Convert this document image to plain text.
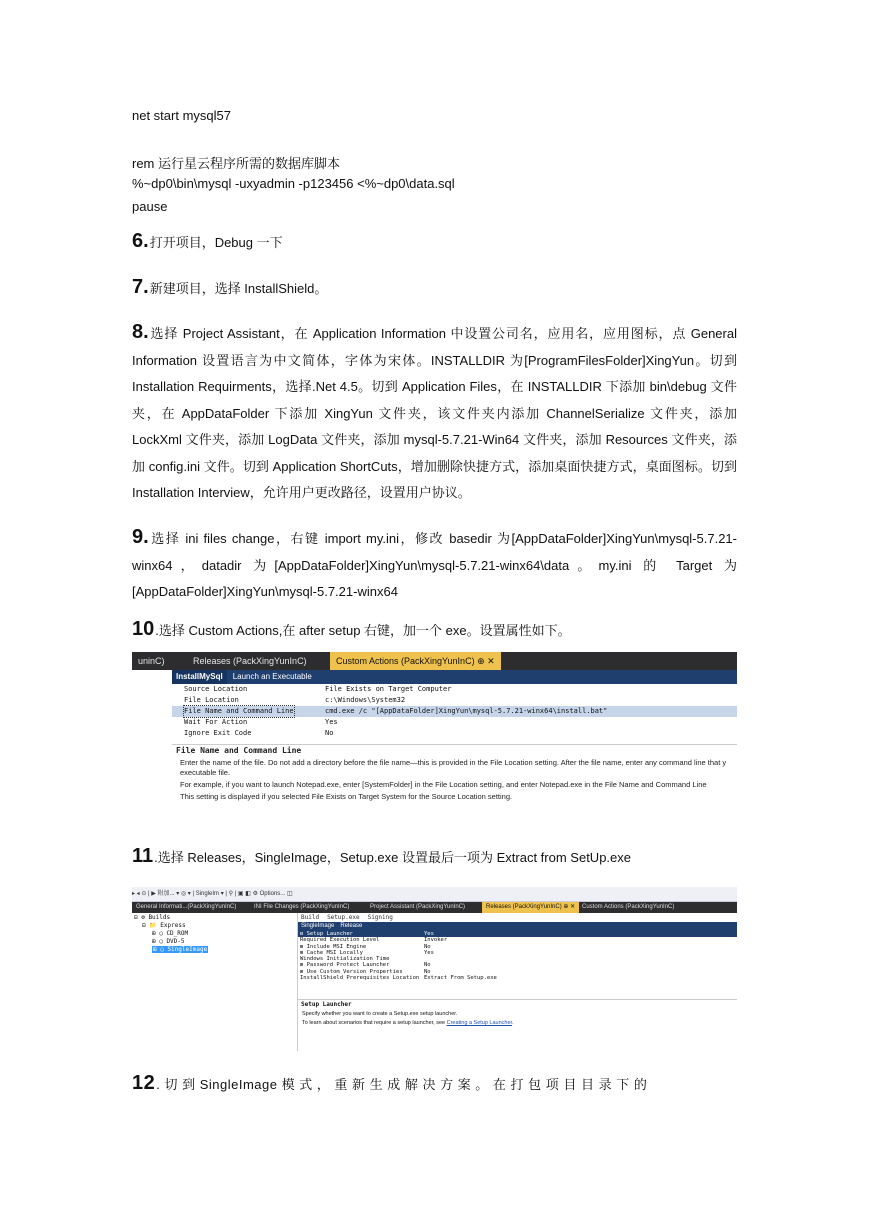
net start mysql57
rem 运行星云程序所需的数据库脚本
%~dp0\bin\mysql -uxyadmin -p123456 <%~dp0\data.sql
pause
6.打开项目，Debug 一下
7.新建项目，选择 InstallShield。
8.选择 Project Assistant，在 Application Information 中设置公司名，应用名，应用图标，点 General Information 设置语言为中文简体，字体为宋体。INSTALLDIR 为[ProgramFilesFolder]XingYun。切到 Installation Requirments，选择.Net 4.5。切到 Application Files，在 INSTALLDIR 下添加 bin\debug 文件夹，在 AppDataFolder 下添加 XingYun 文件夹，该文件夹内添加 ChannelSerialize 文件夹，添加 LockXml 文件夹，添加 LogData 文件夹，添加 mysql-5.7.21-Win64 文件夹，添加 Resources 文件夹，添加 config.ini 文件。切到 Application ShortCuts，增加删除快捷方式，添加桌面快捷方式，桌面图标。切到 Installation Interview，允许用户更改路径，设置用户协议。
9.选择 ini files change，右键 import my.ini，修改 basedir 为[AppDataFolder]XingYun\mysql-5.7.21-winx64，datadir 为[AppDataFolder]XingYun\mysql-5.7.21-winx64\data。my.ini 的 Target 为[AppDataFolder]XingYun\mysql-5.7.21-winx64
10.选择 Custom Actions,在 after setup 右键，加一个 exe。设置属性如下。
uninC)	Releases (PackXingYunInC)	Custom Actions (PackXingYunInC) ⊕ ✕
InstallMySql Launch an Executable
Source Location	File Exists on Target Computer
File Location	c:\Windows\System32
File Name and Command Line	cmd.exe /c "[AppDataFolder]XingYun\mysql-5.7.21-winx64\install.bat"
Wait For Action	Yes
Ignore Exit Code	No
File Name and Command Line

Enter the name of the file. Do not add a directory before the file name—this is provided in the File Location setting. After the file name, enter any command line that y executable file.

For example, if you want to launch Notepad.exe, enter [SystemFolder] in the File Location setting, and enter Notepad.exe in the File Name and Command Line

This setting is displayed if you selected File Exists on Target System for the Source Location setting.

11.选择 Releases，SingleImage，Setup.exe 设置最后一项为 Extract from SetUp.exe
▸ ◂ ⊙ | ▶ 附加... ▾ ◎ ▾ | SingleIm ▾ | ⚲ | ▣ ◧ ⚙ Options... ◫
General Informati...(PackXingYunInC)	INI File Changes (PackXingYunInC)	Project Assistant (PackXingYunInC)	Releases (PackXingYunInC) ⊕ ✕	Custom Actions (PackXingYunInC)
⊟ ⚙ Builds
⊟ 📁 Express
⊞ ◯ CD_ROM
⊞ ◯ DVD-5
⊞ ◯ SingleImage
Build Setup.exe Signing
SingleImage Release
⊟ Setup Launcher	Yes
Required Execution Level	Invoker
⊞ Include MSI Engine	No
⊞ Cache MSI Locally	Yes
Windows Initialization Time
⊞ Password Protect Launcher	No
⊞ Use Custom Version Properties	No
InstallShield Prerequisites Location Extract From Setup.exe
Setup Launcher

Specify whether you want to create a Setup.exe setup launcher.

To learn about scenarios that require a setup launcher, see Creating a Setup Launcher.

12. 切 到 SingleImage 模 式 ， 重 新 生 成 解 决 方 案 。 在 打 包 项 目 目 录 下 的
